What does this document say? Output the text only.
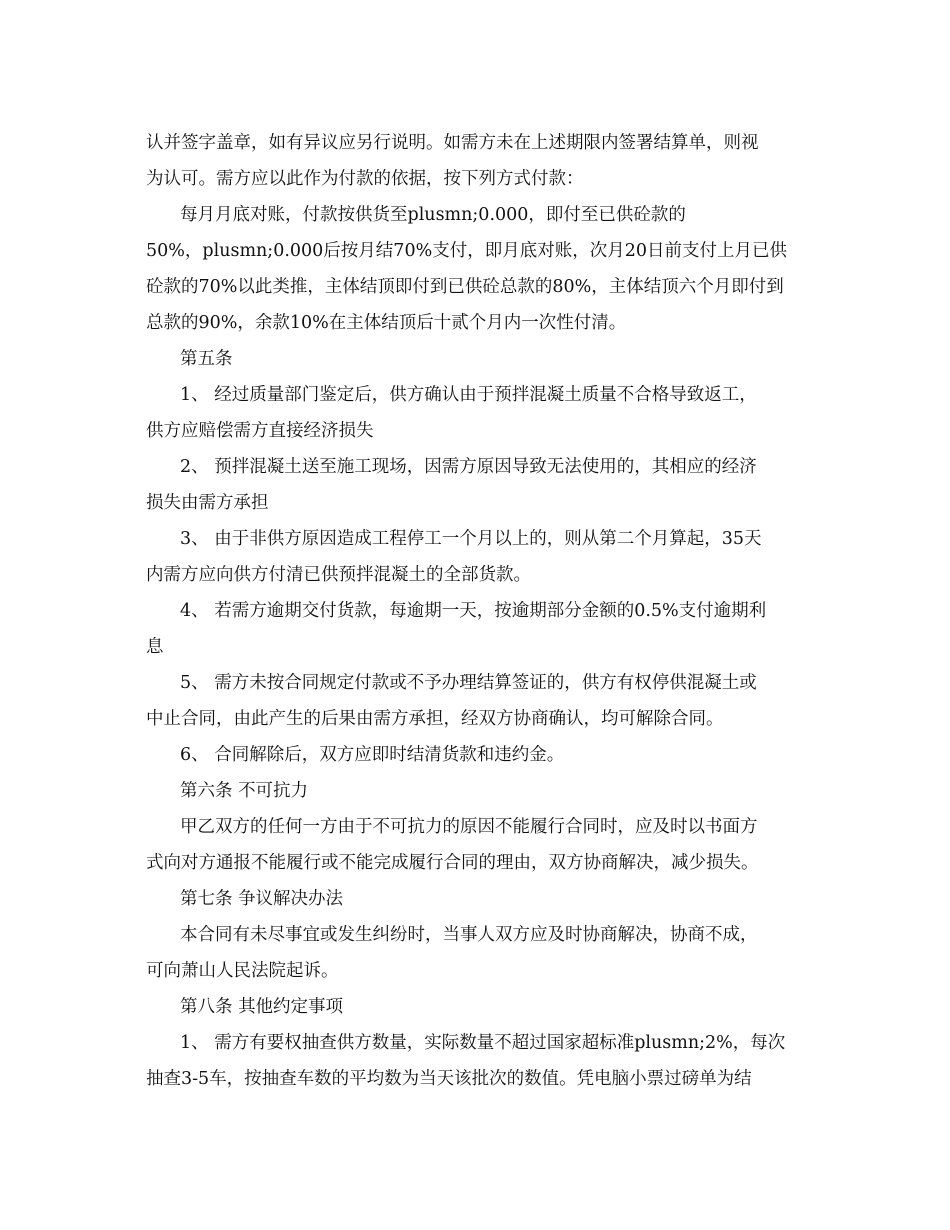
认并签字盖章，如有异议应另行说明。如需方未在上述期限内签署结算单，则视
为认可。需方应以此作为付款的依据，按下列方式付款：
每月月底对账，付款按供货至plusmn;0.000，即付至已供砼款的
50%，plusmn;0.000后按月结70%支付，即月底对账，次月20日前支付上月已供
砼款的70%以此类推，主体结顶即付到已供砼总款的80%，主体结顶六个月即付到
总款的90%，余款10%在主体结顶后十贰个月内一次性付清。
第五条
1、 经过质量部门鉴定后，供方确认由于预拌混凝土质量不合格导致返工，
供方应赔偿需方直接经济损失
2、 预拌混凝土送至施工现场，因需方原因导致无法使用的，其相应的经济
损失由需方承担
3、 由于非供方原因造成工程停工一个月以上的，则从第二个月算起，35天
内需方应向供方付清已供预拌混凝土的全部货款。
4、 若需方逾期交付货款，每逾期一天，按逾期部分金额的0.5%支付逾期利
息
5、 需方未按合同规定付款或不予办理结算签证的，供方有权停供混凝土或
中止合同，由此产生的后果由需方承担，经双方协商确认，均可解除合同。
6、 合同解除后，双方应即时结清货款和违约金。
第六条 不可抗力
甲乙双方的任何一方由于不可抗力的原因不能履行合同时，应及时以书面方
式向对方通报不能履行或不能完成履行合同的理由，双方协商解决，减少损失。
第七条 争议解决办法
本合同有未尽事宜或发生纠纷时，当事人双方应及时协商解决，协商不成，
可向萧山人民法院起诉。
第八条 其他约定事项
1、 需方有要权抽查供方数量，实际数量不超过国家超标准plusmn;2%，每次
抽查3-5车，按抽查车数的平均数为当天该批次的数值。凭电脑小票过磅单为结
